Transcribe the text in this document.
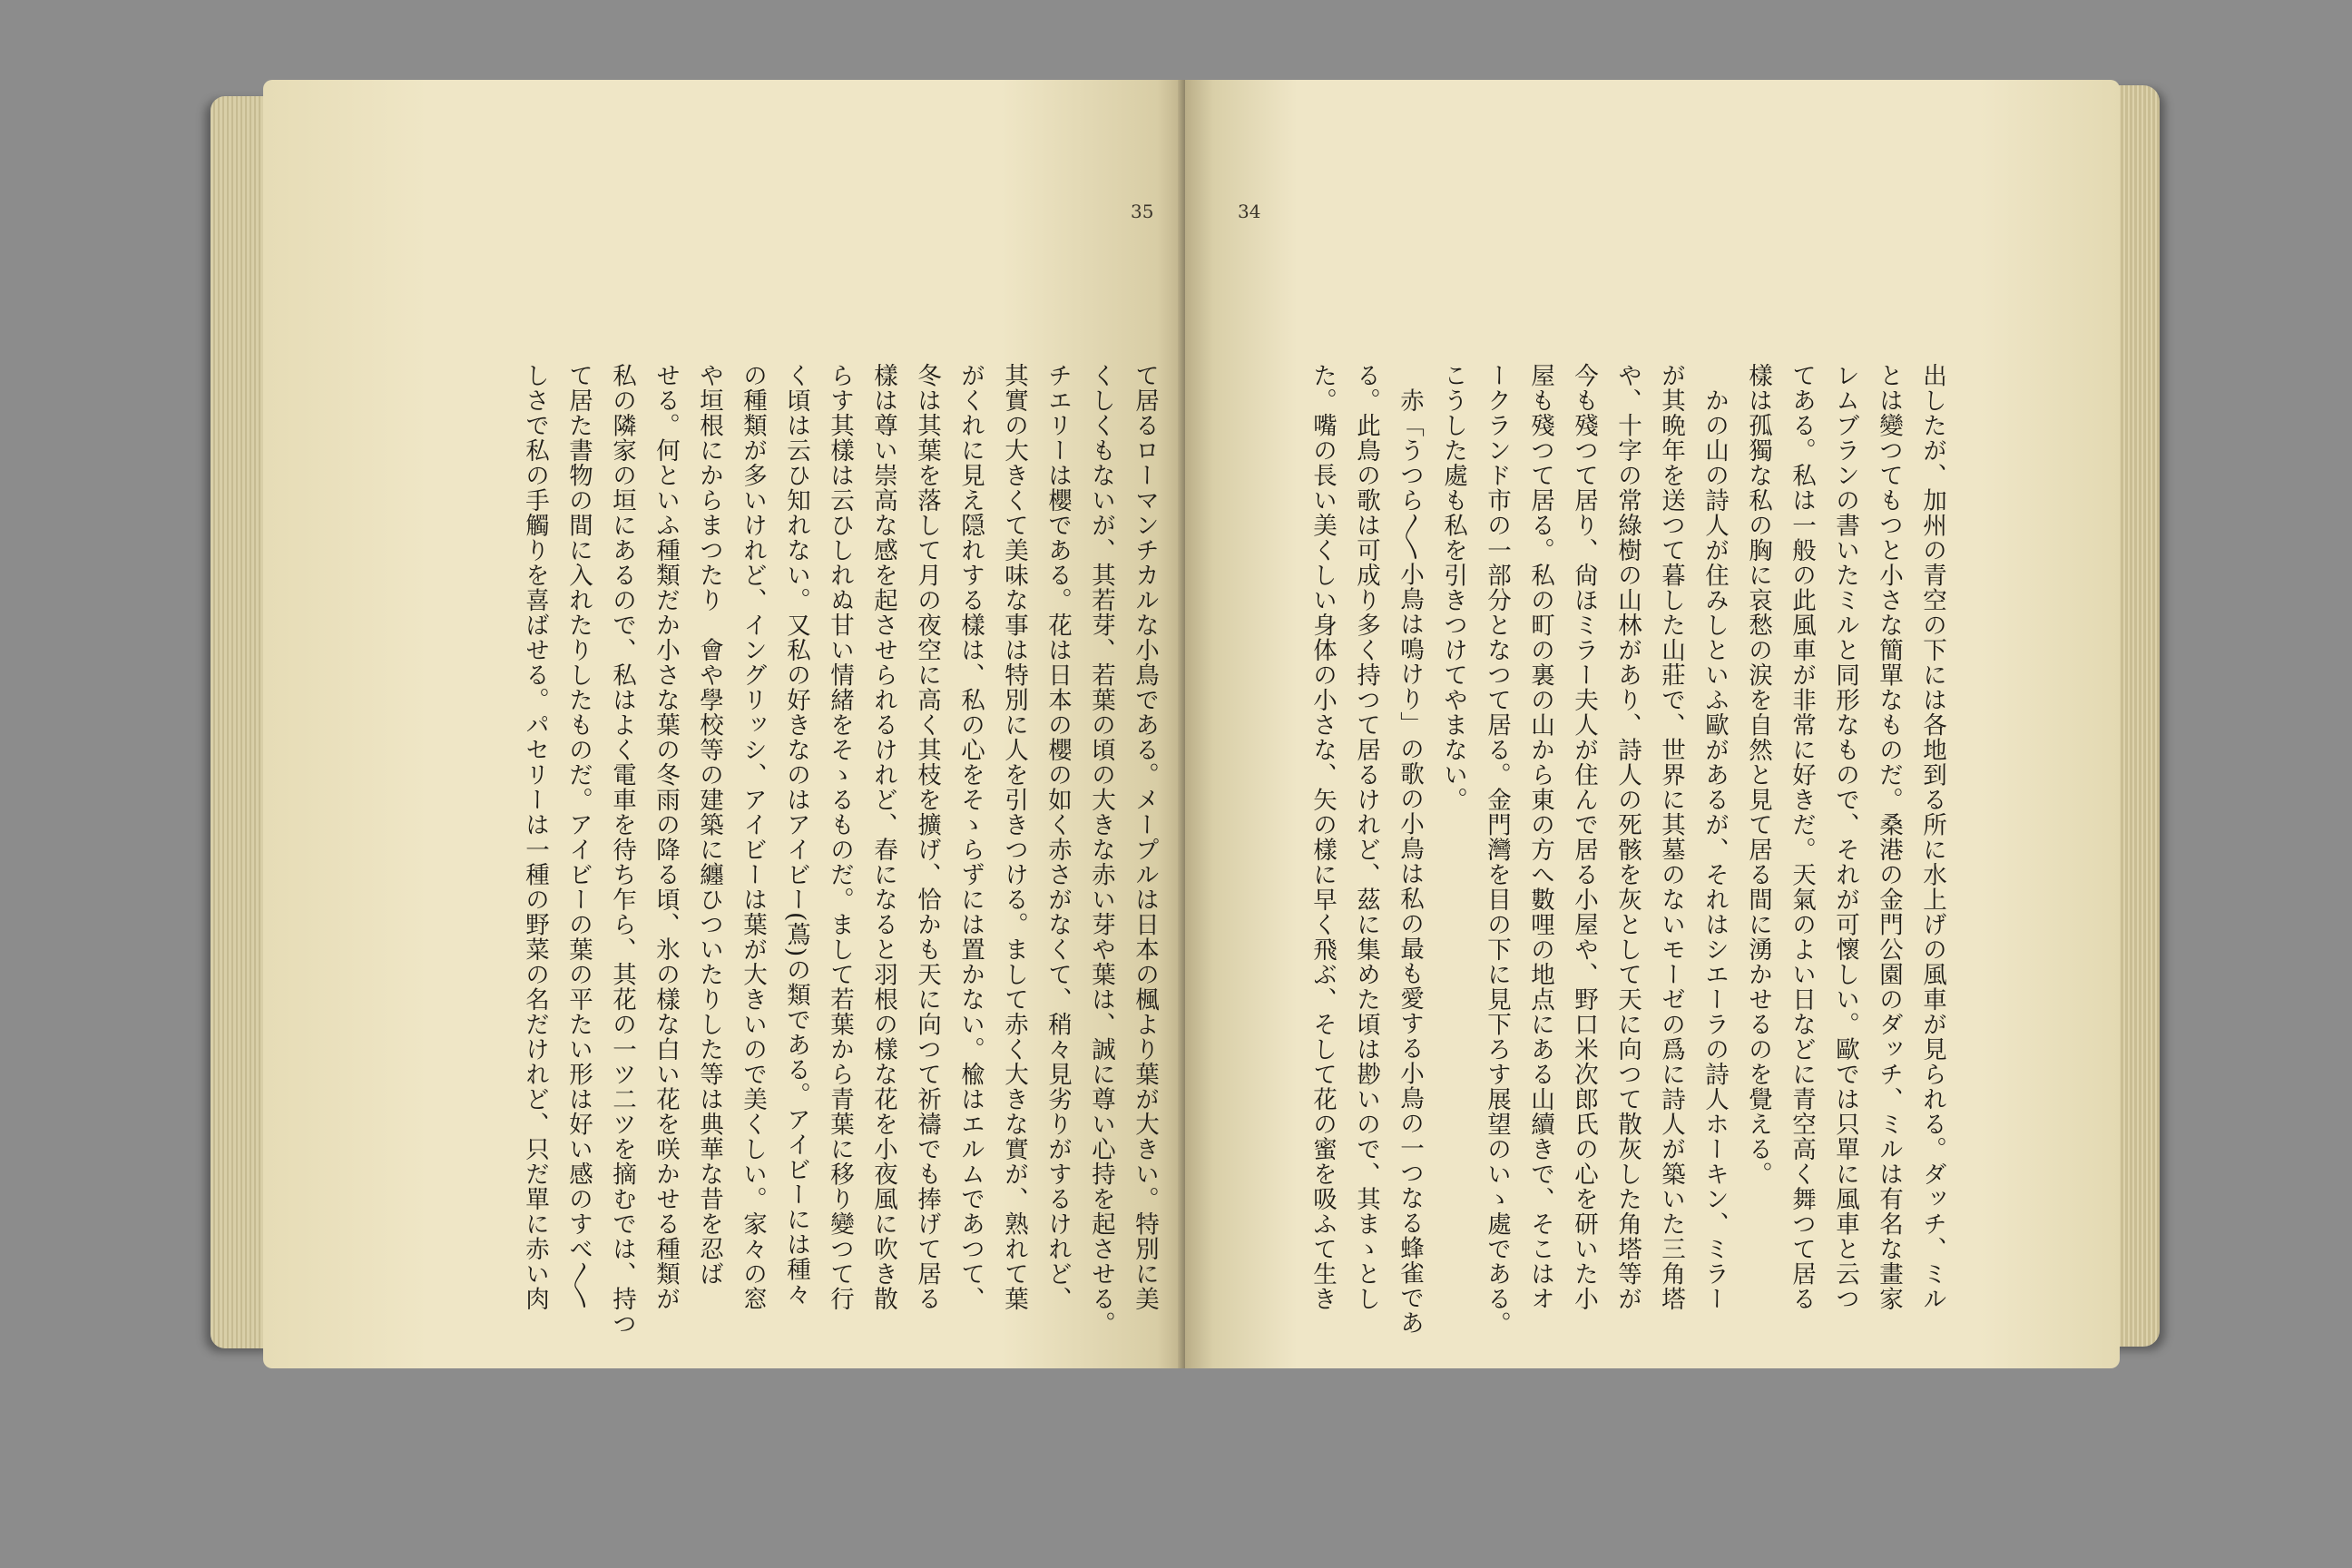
35
て居るローマンチカルな小鳥である。メープルは日本の楓より葉が大きい。特別に美
くしくもないが、其若芽、若葉の頃の大きな赤い芽や葉は、誠に尊い心持を起させる。
チエリーは櫻である。花は日本の櫻の如く赤さがなくて、稍々見劣りがするけれど、
其實の大きくて美味な事は特別に人を引きつける。まして赤く大きな實が、熟れて葉
がくれに見え隠れする樣は、私の心をそゝらずには置かない。楡はエルムであつて、
冬は其葉を落して月の夜空に高く其枝を擴げ、恰かも天に向つて祈禱でも捧げて居る
樣は尊い崇高な感を起させられるけれど、春になると羽根の樣な花を小夜風に吹き散
らす其樣は云ひしれぬ甘い情緒をそゝるものだ。まして若葉から青葉に移り變つて行
く頃は云ひ知れない。又私の好きなのはアイビー(蔦)の類である。アイビーには種々
の種類が多いけれど、イングリッシ、アイビーは葉が大きいので美くしい。家々の窓
や垣根にからまつたり　會や學校等の建築に纏ひついたりした等は典華な昔を忍ば
せる。何といふ種類だか小さな葉の冬雨の降る頃、氷の樣な白い花を咲かせる種類が
私の隣家の垣にあるので、私はよく電車を待ち乍ら、其花の一ツ二ツを摘むでは、持つ
て居た書物の間に入れたりしたものだ。アイビーの葉の平たい形は好い感のすべ〳〵
しさで私の手觸りを喜ばせる。パセリーは一種の野菜の名だけれど、只だ單に赤い肉
34
出したが、加州の青空の下には各地到る所に水上げの風車が見られる。ダッチ、ミル
とは變つてもつと小さな簡單なものだ。桑港の金門公園のダッチ、ミルは有名な畫家
レムブランの書いたミルと同形なもので、それが可懷しい。歐では只單に風車と云つ
てある。私は一般の此風車が非常に好きだ。天氣のよい日などに青空高く舞つて居る
樣は孤獨な私の胸に哀愁の涙を自然と見て居る間に湧かせるのを覺える。
　かの山の詩人が住みしといふ歐があるが、それはシエーラの詩人ホーキン、ミラー
が其晩年を送つて暮した山莊で、世界に其墓のないモーゼの爲に詩人が築いた三角塔
や、十字の常綠樹の山林があり、詩人の死骸を灰として天に向つて散灰した角塔等が
今も殘つて居り、尙ほミラー夫人が住んで居る小屋や、野口米次郎氏の心を研いた小
屋も殘つて居る。私の町の裏の山から東の方へ數哩の地点にある山續きで、そこはオ
ークランド市の一部分となつて居る。金門灣を目の下に見下ろす展望のいゝ處である。
こうした處も私を引きつけてやまない。
　赤「うつら〳〵小鳥は鳴けり」の歌の小鳥は私の最も愛する小鳥の一つなる蜂雀であ
る。此鳥の歌は可成り多く持つて居るけれど、茲に集めた頃は尠いので、其まゝとし
た。嘴の長い美くしい身体の小さな、矢の樣に早く飛ぶ、そして花の蜜を吸ふて生き
